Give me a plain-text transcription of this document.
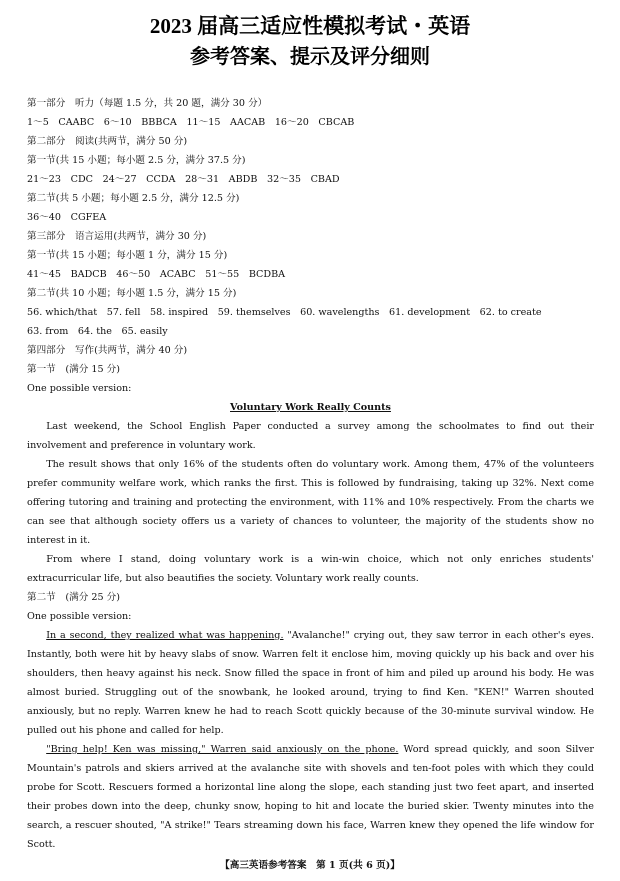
2023 届高三适应性模拟考试・英语
参考答案、提示及评分细则
第一部分　听力（每题 1.5 分，共 20 题，满分 30 分）
1～5　CAABC　6～10　BBBCA　11～15　AACAB　16～20　CBCAB
第二部分　阅读(共两节，满分 50 分)
第一节(共 15 小题；每小题 2.5 分，满分 37.5 分)
21～23　CDC　24～27　CCDA　28～31　ABDB　32～35　CBAD
第二节(共 5 小题；每小题 2.5 分，满分 12.5 分)
36～40　CGFEA
第三部分　语言运用(共两节，满分 30 分)
第一节(共 15 小题；每小题 1 分，满分 15 分)
41～45　BADCB　46～50　ACABC　51～55　BCDBA
第二节(共 10 小题；每小题 1.5 分，满分 15 分)
56. which/that　57. fell　58. inspired　59. themselves　60. wavelengths　61. development　62. to create
63. from　64. the　65. easily
第四部分　写作(共两节，满分 40 分)
第一节　(满分 15 分)
One possible version:

Voluntary Work Really Counts

Last weekend, the School English Paper conducted a survey among the schoolmates to find out their involvement and preference in voluntary work.

The result shows that only 16% of the students often do voluntary work. Among them, 47% of the volunteers prefer community welfare work, which ranks the first. This is followed by fundraising, taking up 32%. Next come offering tutoring and training and protecting the environment, with 11% and 10% respectively. From the charts we can see that although society offers us a variety of chances to volunteer, the majority of the students show no interest in it.

From where I stand, doing voluntary work is a win-win choice, which not only enriches students' extracurricular life, but also beautifies the society. Voluntary work really counts.

第二节　(满分 25 分)
One possible version:

In a second, they realized what was happening. "Avalanche!" crying out, they saw terror in each other's eyes. Instantly, both were hit by heavy slabs of snow. Warren felt it enclose him, moving quickly up his back and over his shoulders, then heavy against his neck. Snow filled the space in front of him and piled up around his body. He was almost buried. Struggling out of the snowbank, he looked around, trying to find Ken. "KEN!" Warren shouted anxiously, but no reply. Warren knew he had to reach Scott quickly because of the 30-minute survival window. He pulled out his phone and called for help.

"Bring help! Ken was missing," Warren said anxiously on the phone. Word spread quickly, and soon Silver Mountain's patrols and skiers arrived at the avalanche site with shovels and ten-foot poles with which they could probe for Scott. Rescuers formed a horizontal line along the slope, each standing just two feet apart, and inserted their probes down into the deep, chunky snow, hoping to hit and locate the buried skier. Twenty minutes into the search, a rescuer shouted, "A strike!" Tears streaming down his face, Warren knew they opened the life window for Scott.

【高三英语参考答案　第 1 页(共 6 页)】
